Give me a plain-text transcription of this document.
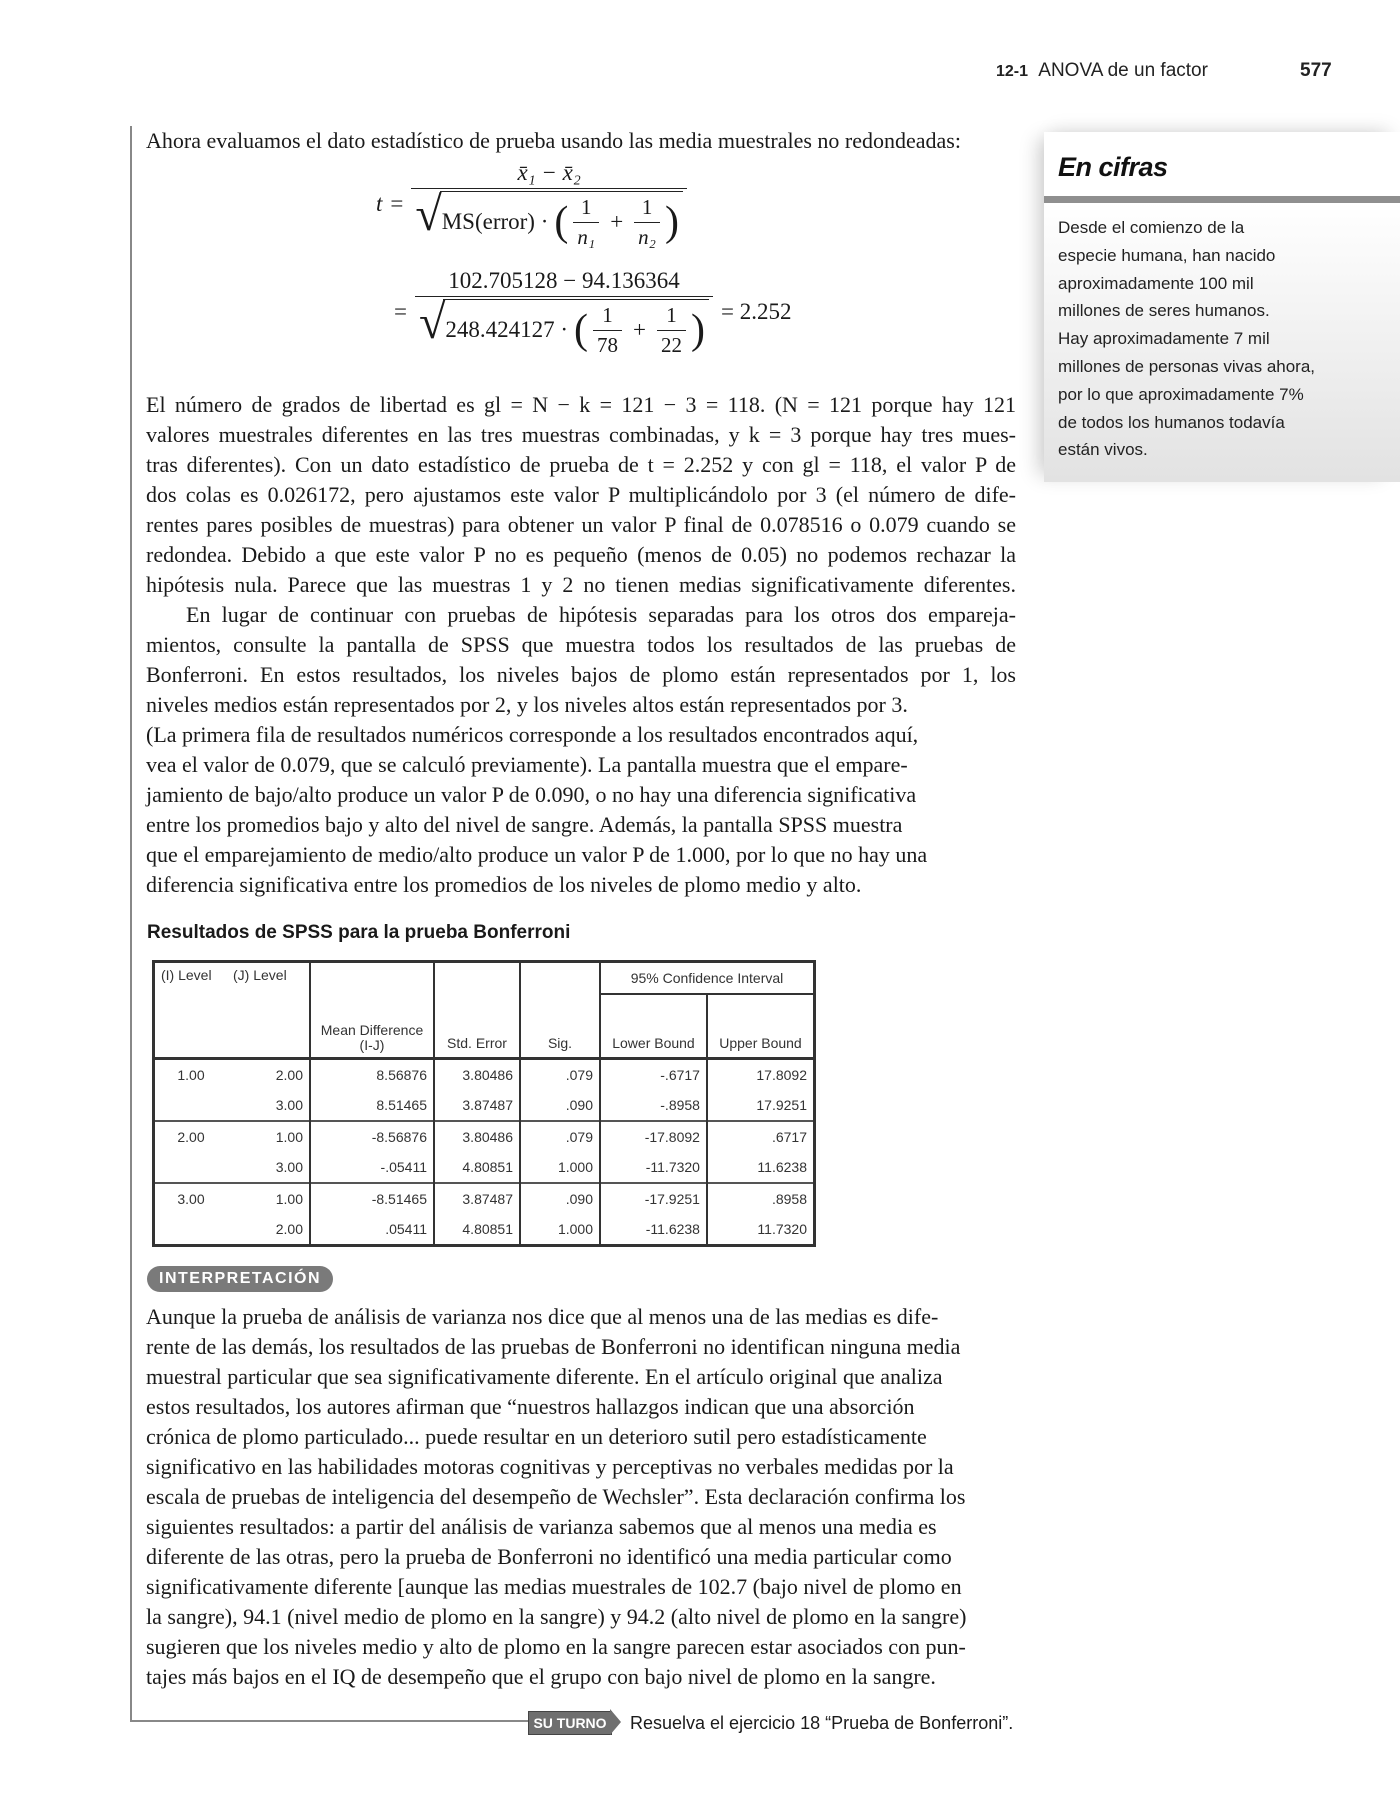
12-1 ANOVA de un factor	577
Ahora evaluamos el dato estadístico de prueba usando las media muestrales no redondeadas:
t =
x̄₁ − x̄₂
√ MS(error) · ( $\frac{1}{\text{n₁}} + \frac{1}{\text{n₂}}$ )
=
102.705128 − 94.136364
√ 248.424127 · ( $\frac{1}{78} + \frac{1}{22}$ ) = 2.252
El número de grados de libertad es gl = N − k = 121 − 3 = 118. (N = 121 porque hay 121
valores muestrales diferentes en las tres muestras combinadas, y k = 3 porque hay tres mues-
tras diferentes). Con un dato estadístico de prueba de t = 2.252 y con gl = 118, el valor P de
dos colas es 0.026172, pero ajustamos este valor P multiplicándolo por 3 (el número de dife-
rentes pares posibles de muestras) para obtener un valor P final de 0.078516 o 0.079 cuando se
redondea. Debido a que este valor P no es pequeño (menos de 0.05) no podemos rechazar la
hipótesis nula. Parece que las muestras 1 y 2 no tienen medias significativamente diferentes.
En lugar de continuar con pruebas de hipótesis separadas para los otros dos empareja-
mientos, consulte la pantalla de SPSS que muestra todos los resultados de las pruebas de
Bonferroni. En estos resultados, los niveles bajos de plomo están representados por 1, los
niveles medios están representados por 2, y los niveles altos están representados por 3.
(La primera fila de resultados numéricos corresponde a los resultados encontrados aquí,
vea el valor de 0.079, que se calculó previamente). La pantalla muestra que el empare-
jamiento de bajo/alto produce un valor P de 0.090, o no hay una diferencia significativa
entre los promedios bajo y alto del nivel de sangre. Además, la pantalla SPSS muestra
que el emparejamiento de medio/alto produce un valor P de 1.000, por lo que no hay una
diferencia significativa entre los promedios de los niveles de plomo medio y alto.
Resultados de SPSS para la prueba Bonferroni
(I) Level	(J) Level	Mean Difference (I-J)	Std. Error	Sig.	95% Confidence Interval	
					Lower Bound	Upper Bound
1.00	2.00	8.56876	3.80486	.079	-.6717	17.8092
	3.00	8.51465	3.87487	.090	-.8958	17.9251
2.00	1.00	-8.56876	3.80486	.079	-17.8092	.6717
	3.00	-.05411	4.80851	1.000	-11.7320	11.6238
3.00	1.00	-8.51465	3.87487	.090	-17.9251	.8958
	2.00	.05411	4.80851	1.000	-11.6238	11.7320
INTERPRETACIÓN
Aunque la prueba de análisis de varianza nos dice que al menos una de las medias es dife-
rente de las demás, los resultados de las pruebas de Bonferroni no identifican ninguna media
muestral particular que sea significativamente diferente. En el artículo original que analiza
estos resultados, los autores afirman que “nuestros hallazgos indican que una absorción
crónica de plomo particulado... puede resultar en un deterioro sutil pero estadísticamente
significativo en las habilidades motoras cognitivas y perceptivas no verbales medidas por la
escala de pruebas de inteligencia del desempeño de Wechsler”. Esta declaración confirma los
siguientes resultados: a partir del análisis de varianza sabemos que al menos una media es
diferente de las otras, pero la prueba de Bonferroni no identificó una media particular como
significativamente diferente [aunque las medias muestrales de 102.7 (bajo nivel de plomo en
la sangre), 94.1 (nivel medio de plomo en la sangre) y 94.2 (alto nivel de plomo en la sangre)
sugieren que los niveles medio y alto de plomo en la sangre parecen estar asociados con pun-
tajes más bajos en el IQ de desempeño que el grupo con bajo nivel de plomo en la sangre.
SU TURNO	Resuelva el ejercicio 18 “Prueba de Bonferroni”.
En cifras
Desde el comienzo de la
especie humana, han nacido
aproximadamente 100 mil
millones de seres humanos.
Hay aproximadamente 7 mil
millones de personas vivas ahora,
por lo que aproximadamente 7%
de todos los humanos todavía
están vivos.
